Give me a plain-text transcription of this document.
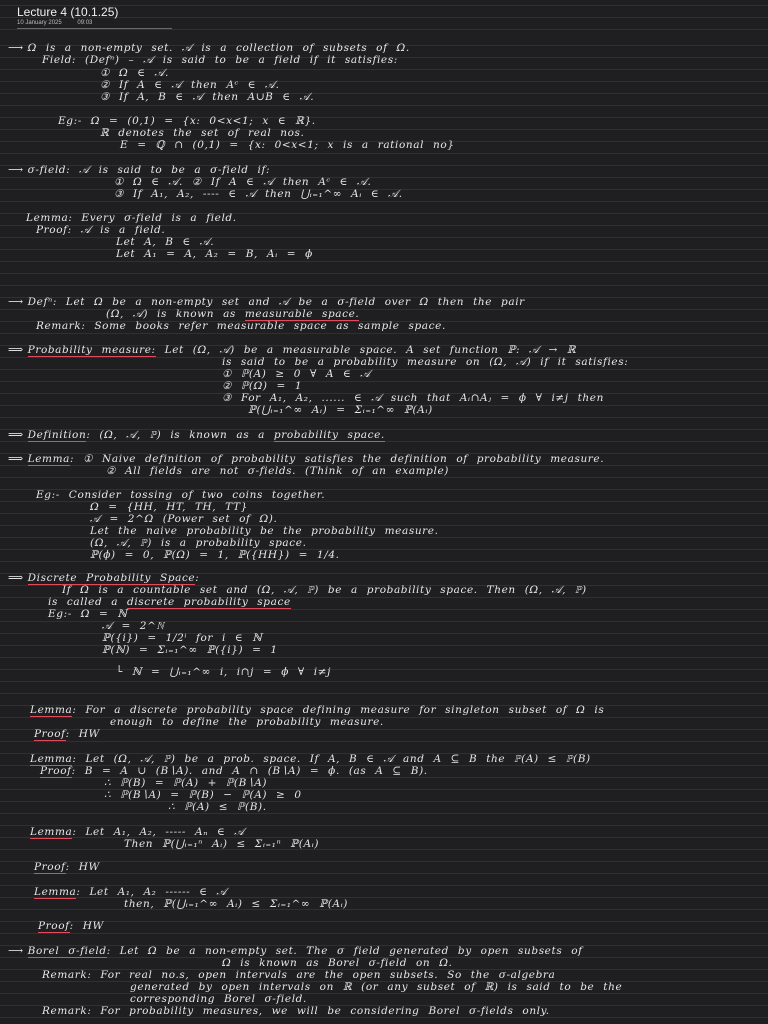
Lecture 4 (10.1.25)
10 January 2025	09:03
⟶ Ω is a non-empty set. 𝒜 is a collection of subsets of Ω.
Field: (Defⁿ) – 𝒜 is said to be a field if it satisfies:
① Ω ∈ 𝒜.
② If A ∈ 𝒜 then Aᶜ ∈ 𝒜.
③ If A, B ∈ 𝒜 then A∪B ∈ 𝒜.
Eg:- Ω = (0,1) = {x: 0<x<1; x ∈ ℝ}.
ℝ denotes the set of real nos.
E = ℚ ∩ (0,1) = {x: 0<x<1; x is a rational no}
⟶ σ-field: 𝒜 is said to be a σ-field if:
① Ω ∈ 𝒜. ② If A ∈ 𝒜 then Aᶜ ∈ 𝒜.
③ If A₁, A₂, ---- ∈ 𝒜 then ⋃ᵢ₌₁^∞ Aᵢ ∈ 𝒜.
Lemma: Every σ-field is a field.
Proof: 𝒜 is a field.
Let A, B ∈ 𝒜.
Let A₁ = A, A₂ = B, Aᵢ = ϕ
⟶ Defⁿ: Let Ω be a non-empty set and 𝒜 be a σ-field over Ω then the pair
(Ω, 𝒜) is known as measurable space.
Remark: Some books refer measurable space as sample space.
⟹ Probability measure: Let (Ω, 𝒜) be a measurable space. A set function ℙ: 𝒜 → ℝ
is said to be a probability measure on (Ω, 𝒜) if it satisfies:
① ℙ(A) ≥ 0 ∀ A ∈ 𝒜
② ℙ(Ω) = 1
③ For A₁, A₂, ...... ∈ 𝒜 such that Aᵢ∩Aⱼ = ϕ ∀ i≠j then
ℙ(⋃ᵢ₌₁^∞ Aᵢ) = Σᵢ₌₁^∞ ℙ(Aᵢ)
⟹ Definition: (Ω, 𝒜, ℙ) is known as a probability space.
⟹ Lemma: ① Naive definition of probability satisfies the definition of probability measure.
② All fields are not σ-fields. (Think of an example)
Eg:- Consider tossing of two coins together.
Ω = {HH, HT, TH, TT}
𝒜 = 2^Ω (Power set of Ω).
Let the naive probability be the probability measure.
(Ω, 𝒜, ℙ) is a probability space.
ℙ(ϕ) = 0, ℙ(Ω) = 1, ℙ({HH}) = 1/4.
⟹ Discrete Probability Space:
If Ω is a countable set and (Ω, 𝒜, ℙ) be a probability space. Then (Ω, 𝒜, ℙ)
is called a discrete probability space
Eg:- Ω = ℕ
𝒜 = 2^ℕ
ℙ({i}) = 1/2ⁱ for i ∈ ℕ
ℙ(ℕ) = Σᵢ₌₁^∞ ℙ({i}) = 1
└ ℕ = ⋃ᵢ₌₁^∞ i, i∩j = ϕ ∀ i≠j
Lemma: For a discrete probability space defining measure for singleton subset of Ω is
enough to define the probability measure.
Proof: HW
Lemma: Let (Ω, 𝒜, ℙ) be a prob. space. If A, B ∈ 𝒜 and A ⊆ B the ℙ(A) ≤ ℙ(B)
Proof: B = A ∪ (B∖A). and A ∩ (B∖A) = ϕ. (as A ⊆ B).
∴ ℙ(B) = ℙ(A) + ℙ(B∖A)
∴ ℙ(B∖A) = ℙ(B) − ℙ(A) ≥ 0
∴ ℙ(A) ≤ ℙ(B).
Lemma: Let A₁, A₂, ----- Aₙ ∈ 𝒜
Then ℙ(⋃ᵢ₌₁ⁿ Aᵢ) ≤ Σᵢ₌₁ⁿ ℙ(Aᵢ)
Proof: HW
Lemma: Let A₁, A₂ ------ ∈ 𝒜
then, ℙ(⋃ᵢ₌₁^∞ Aᵢ) ≤ Σᵢ₌₁^∞ ℙ(Aᵢ)
Proof: HW
⟶ Borel σ-field: Let Ω be a non-empty set. The σ field generated by open subsets of
Ω is known as Borel σ-field on Ω.
Remark: For real no.s, open intervals are the open subsets. So the σ-algebra
generated by open intervals on ℝ (or any subset of ℝ) is said to be the
corresponding Borel σ-field.
Remark: For probability measures, we will be considering Borel σ-fields only.
